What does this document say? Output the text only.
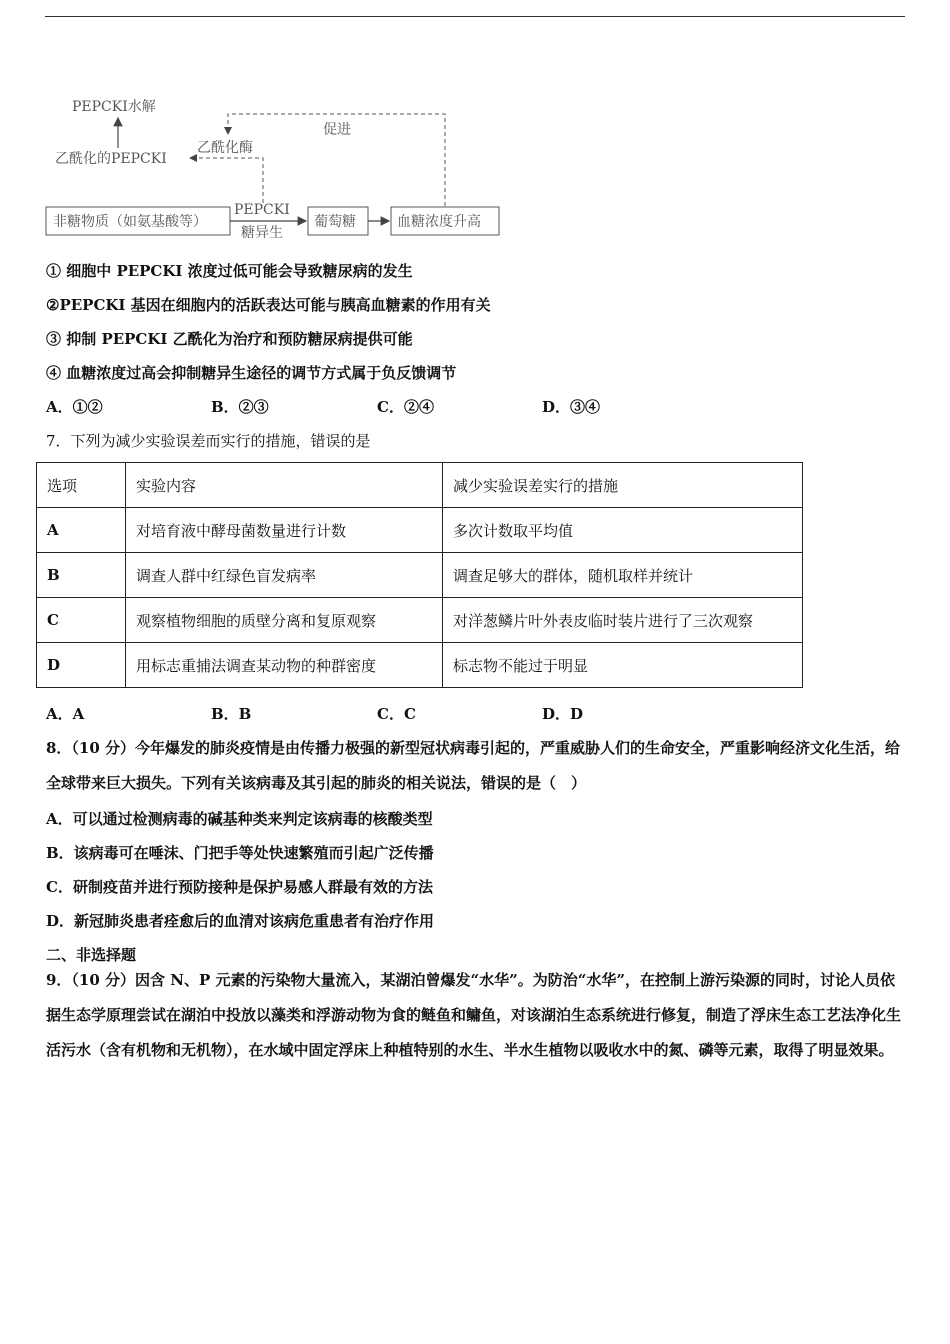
PEPCKI水解
乙酰化的PEPCKI
乙酰化酶
促进
非糖物质（如氨基酸等）
PEPCKI
糖异生
葡萄糖	血糖浓度升高
① 细胞中 PEPCKI 浓度过低可能会导致糖尿病的发生
②PEPCKI 基因在细胞内的活跃表达可能与胰高血糖素的作用有关
③ 抑制 PEPCKI 乙酰化为治疗和预防糖尿病提供可能
④ 血糖浓度过高会抑制糖异生途径的调节方式属于负反馈调节
A．①②	B．②③	C．②④	D．③④
7．下列为减少实验误差而实行的措施，错误的是
选项	实验内容	减少实验误差实行的措施
A	对培育液中酵母菌数量进行计数	多次计数取平均值
B	调查人群中红绿色盲发病率	调查足够大的群体，随机取样并统计
C	观察植物细胞的质壁分离和复原观察	对洋葱鳞片叶外表皮临时装片进行了三次观察
D	用标志重捕法调查某动物的种群密度	标志物不能过于明显
A．A	B．B	C．C	D．D
8．（10 分）今年爆发的肺炎疫情是由传播力极强的新型冠状病毒引起的，严重威胁人们的生命安全，严重影响经济文化生活，给全球带来巨大损失。下列有关该病毒及其引起的肺炎的相关说法，错误的是（　）
A．可以通过检测病毒的碱基种类来判定该病毒的核酸类型
B．该病毒可在唾沫、门把手等处快速繁殖而引起广泛传播
C．研制疫苗并进行预防接种是保护易感人群最有效的方法
D．新冠肺炎患者痊愈后的血清对该病危重患者有治疗作用
二、非选择题
9．（10 分）因含 N、P 元素的污染物大量流入，某湖泊曾爆发“水华”。为防治“水华”，在控制上游污染源的同时，讨论人员依据生态学原理尝试在湖泊中投放以藻类和浮游动物为食的鲢鱼和鳙鱼，对该湖泊生态系统进行修复，制造了浮床生态工艺法净化生活污水（含有机物和无机物），在水域中固定浮床上种植特别的水生、半水生植物以吸收水中的氮、磷等元素，取得了明显效果。
